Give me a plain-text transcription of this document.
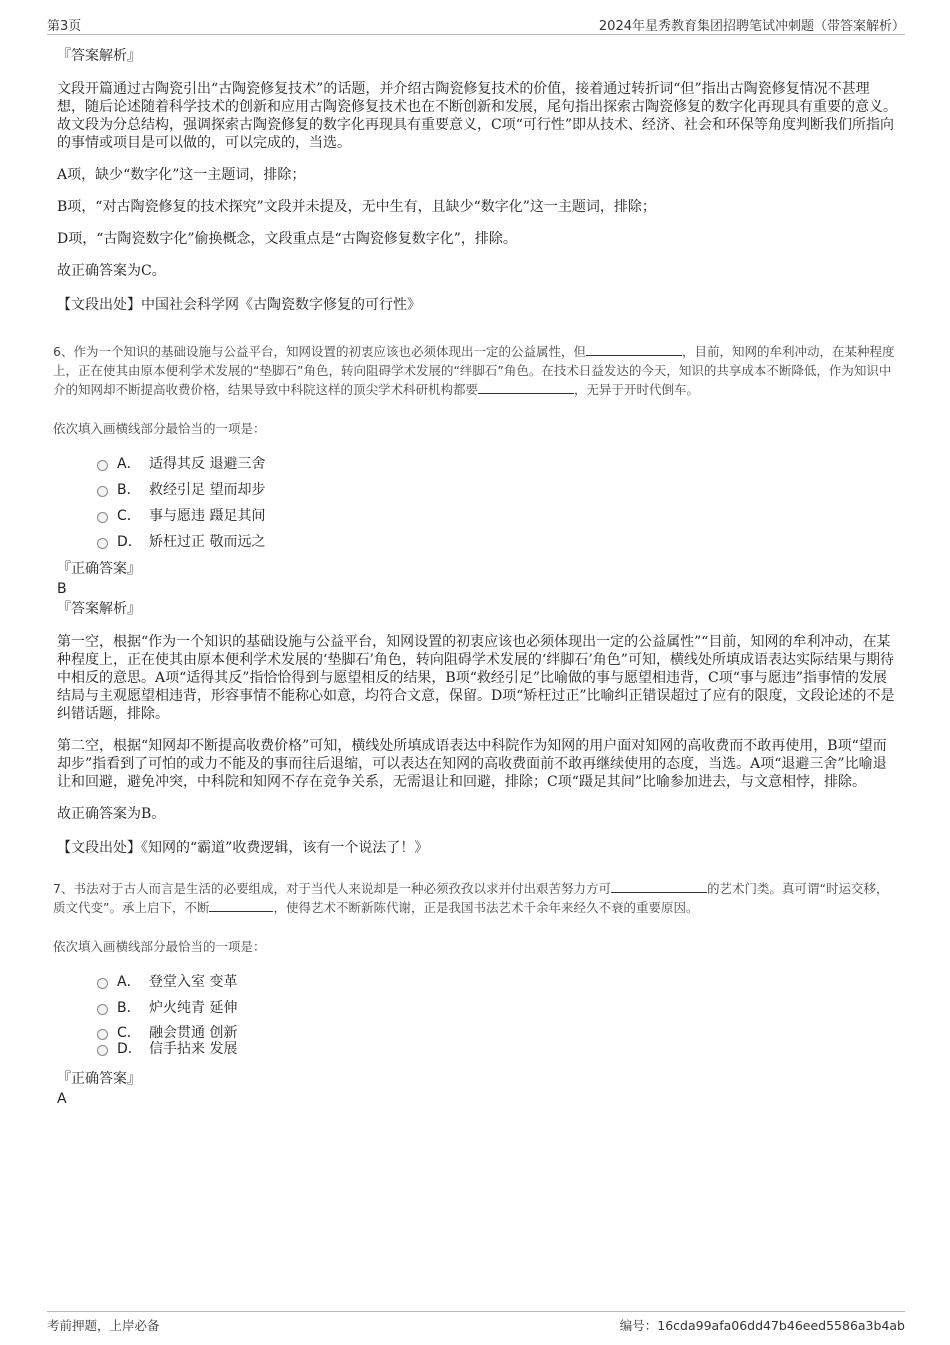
第3页	2024年星秀教育集团招聘笔试冲刺题（带答案解析）
『答案解析』

文段开篇通过古陶瓷引出“古陶瓷修复技术”的话题，并介绍古陶瓷修复技术的价值，接着通过转折词“但”指出古陶瓷修复情况不甚理想，随后论述随着科学技术的创新和应用古陶瓷修复技术也在不断创新和发展，尾句指出探索古陶瓷修复的数字化再现具有重要的意义。故文段为分总结构，强调探索古陶瓷修复的数字化再现具有重要意义，C项“可行性”即从技术、经济、社会和环保等角度判断我们所指向的事情或项目是可以做的，可以完成的，当选。

A项，缺少“数字化”这一主题词，排除；

B项，“对古陶瓷修复的技术探究”文段并未提及，无中生有，且缺少“数字化”这一主题词，排除；

D项，“古陶瓷数字化”偷换概念，文段重点是“古陶瓷修复数字化”，排除。

故正确答案为C。

【文段出处】中国社会科学网《古陶瓷数字修复的可行性》

6、作为一个知识的基础设施与公益平台，知网设置的初衷应该也必须体现出一定的公益属性，但	，目前，知网的牟利冲动，在某种程度上，正在使其由原本便利学术发展的“垫脚石”角色，转向阻碍学术发展的“绊脚石”角色。在技术日益发达的今天，知识的共享成本不断降低，作为知识中介的知网却不断提高收费价格，结果导致中科院这样的顶尖学术科研机构都要	，无异于开时代倒车。
依次填入画横线部分最恰当的一项是：
A． 适得其反 退避三舍
B． 救经引足 望而却步
C． 事与愿违 蹑足其间
D． 矫枉过正 敬而远之
『正确答案』
B
『答案解析』

第一空，根据“作为一个知识的基础设施与公益平台，知网设置的初衷应该也必须体现出一定的公益属性”“目前，知网的牟利冲动，在某种程度上，正在使其由原本便利学术发展的‘垫脚石’角色，转向阻碍学术发展的‘绊脚石’角色”可知，横线处所填成语表达实际结果与期待中相反的意思。A项“适得其反”指恰恰得到与愿望相反的结果，B项“救经引足”比喻做的事与愿望相违背，C项“事与愿违”指事情的发展结局与主观愿望相违背，形容事情不能称心如意，均符合文意，保留。D项“矫枉过正”比喻纠正错误超过了应有的限度，文段论述的不是纠错话题，排除。

第二空，根据“知网却不断提高收费价格”可知，横线处所填成语表达中科院作为知网的用户面对知网的高收费而不敢再使用，B项“望而却步”指看到了可怕的或力不能及的事而往后退缩，可以表达在知网的高收费面前不敢再继续使用的态度，当选。A项“退避三舍”比喻退让和回避，避免冲突，中科院和知网不存在竞争关系，无需退让和回避，排除；C项“蹑足其间”比喻参加进去，与文意相悖，排除。

故正确答案为B。

【文段出处】《知网的“霸道”收费逻辑，该有一个说法了！》

7、书法对于古人而言是生活的必要组成，对于当代人来说却是一种必须孜孜以求并付出艰苦努力方可	的艺术门类。真可谓“时运交移，质文代变”。承上启下，不断	，使得艺术不断新陈代谢，正是我国书法艺术千余年来经久不衰的重要原因。
依次填入画横线部分最恰当的一项是：
A． 登堂入室 变革
B． 炉火纯青 延伸
C． 融会贯通 创新
D． 信手拈来 发展
『正确答案』
A
考前押题，上岸必备	编号：16cda99afa06dd47b46eed5586a3b4ab
